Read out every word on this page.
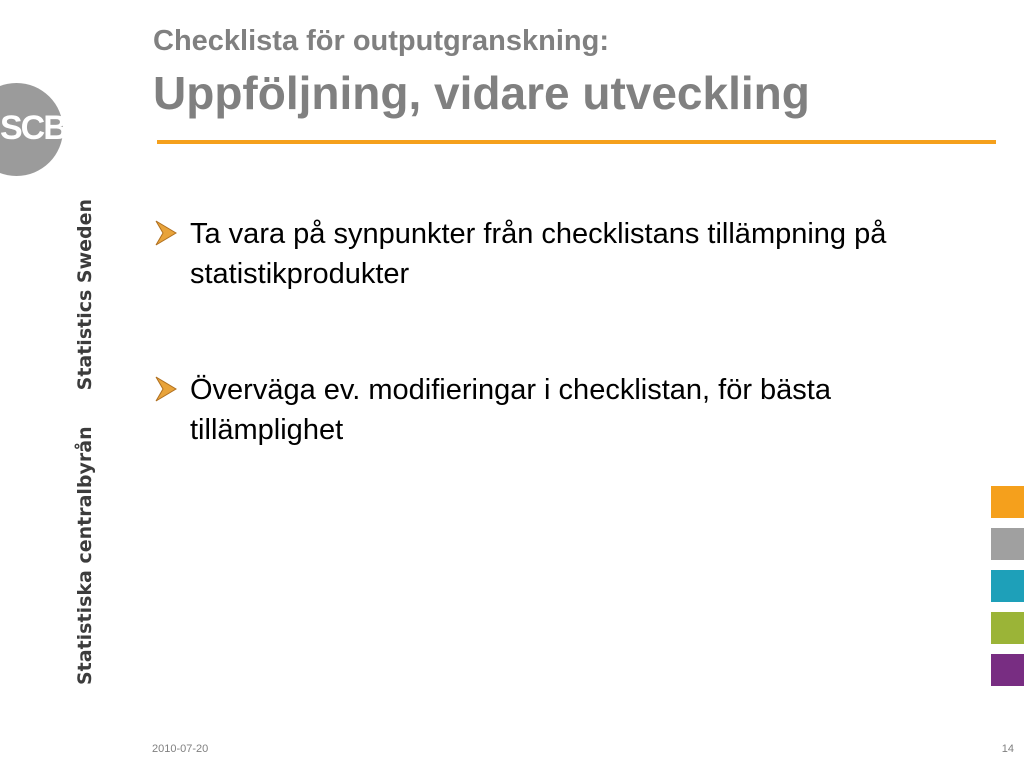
SCB
Statistiska centralbyrånStatistics Sweden
Checklista för outputgranskning:
Uppföljning, vidare utveckling
Ta vara på synpunkter från checklistans tillämpning på statistikprodukter
Överväga ev. modifieringar i checklistan, för bästa tillämplighet
2010-07-20	14
